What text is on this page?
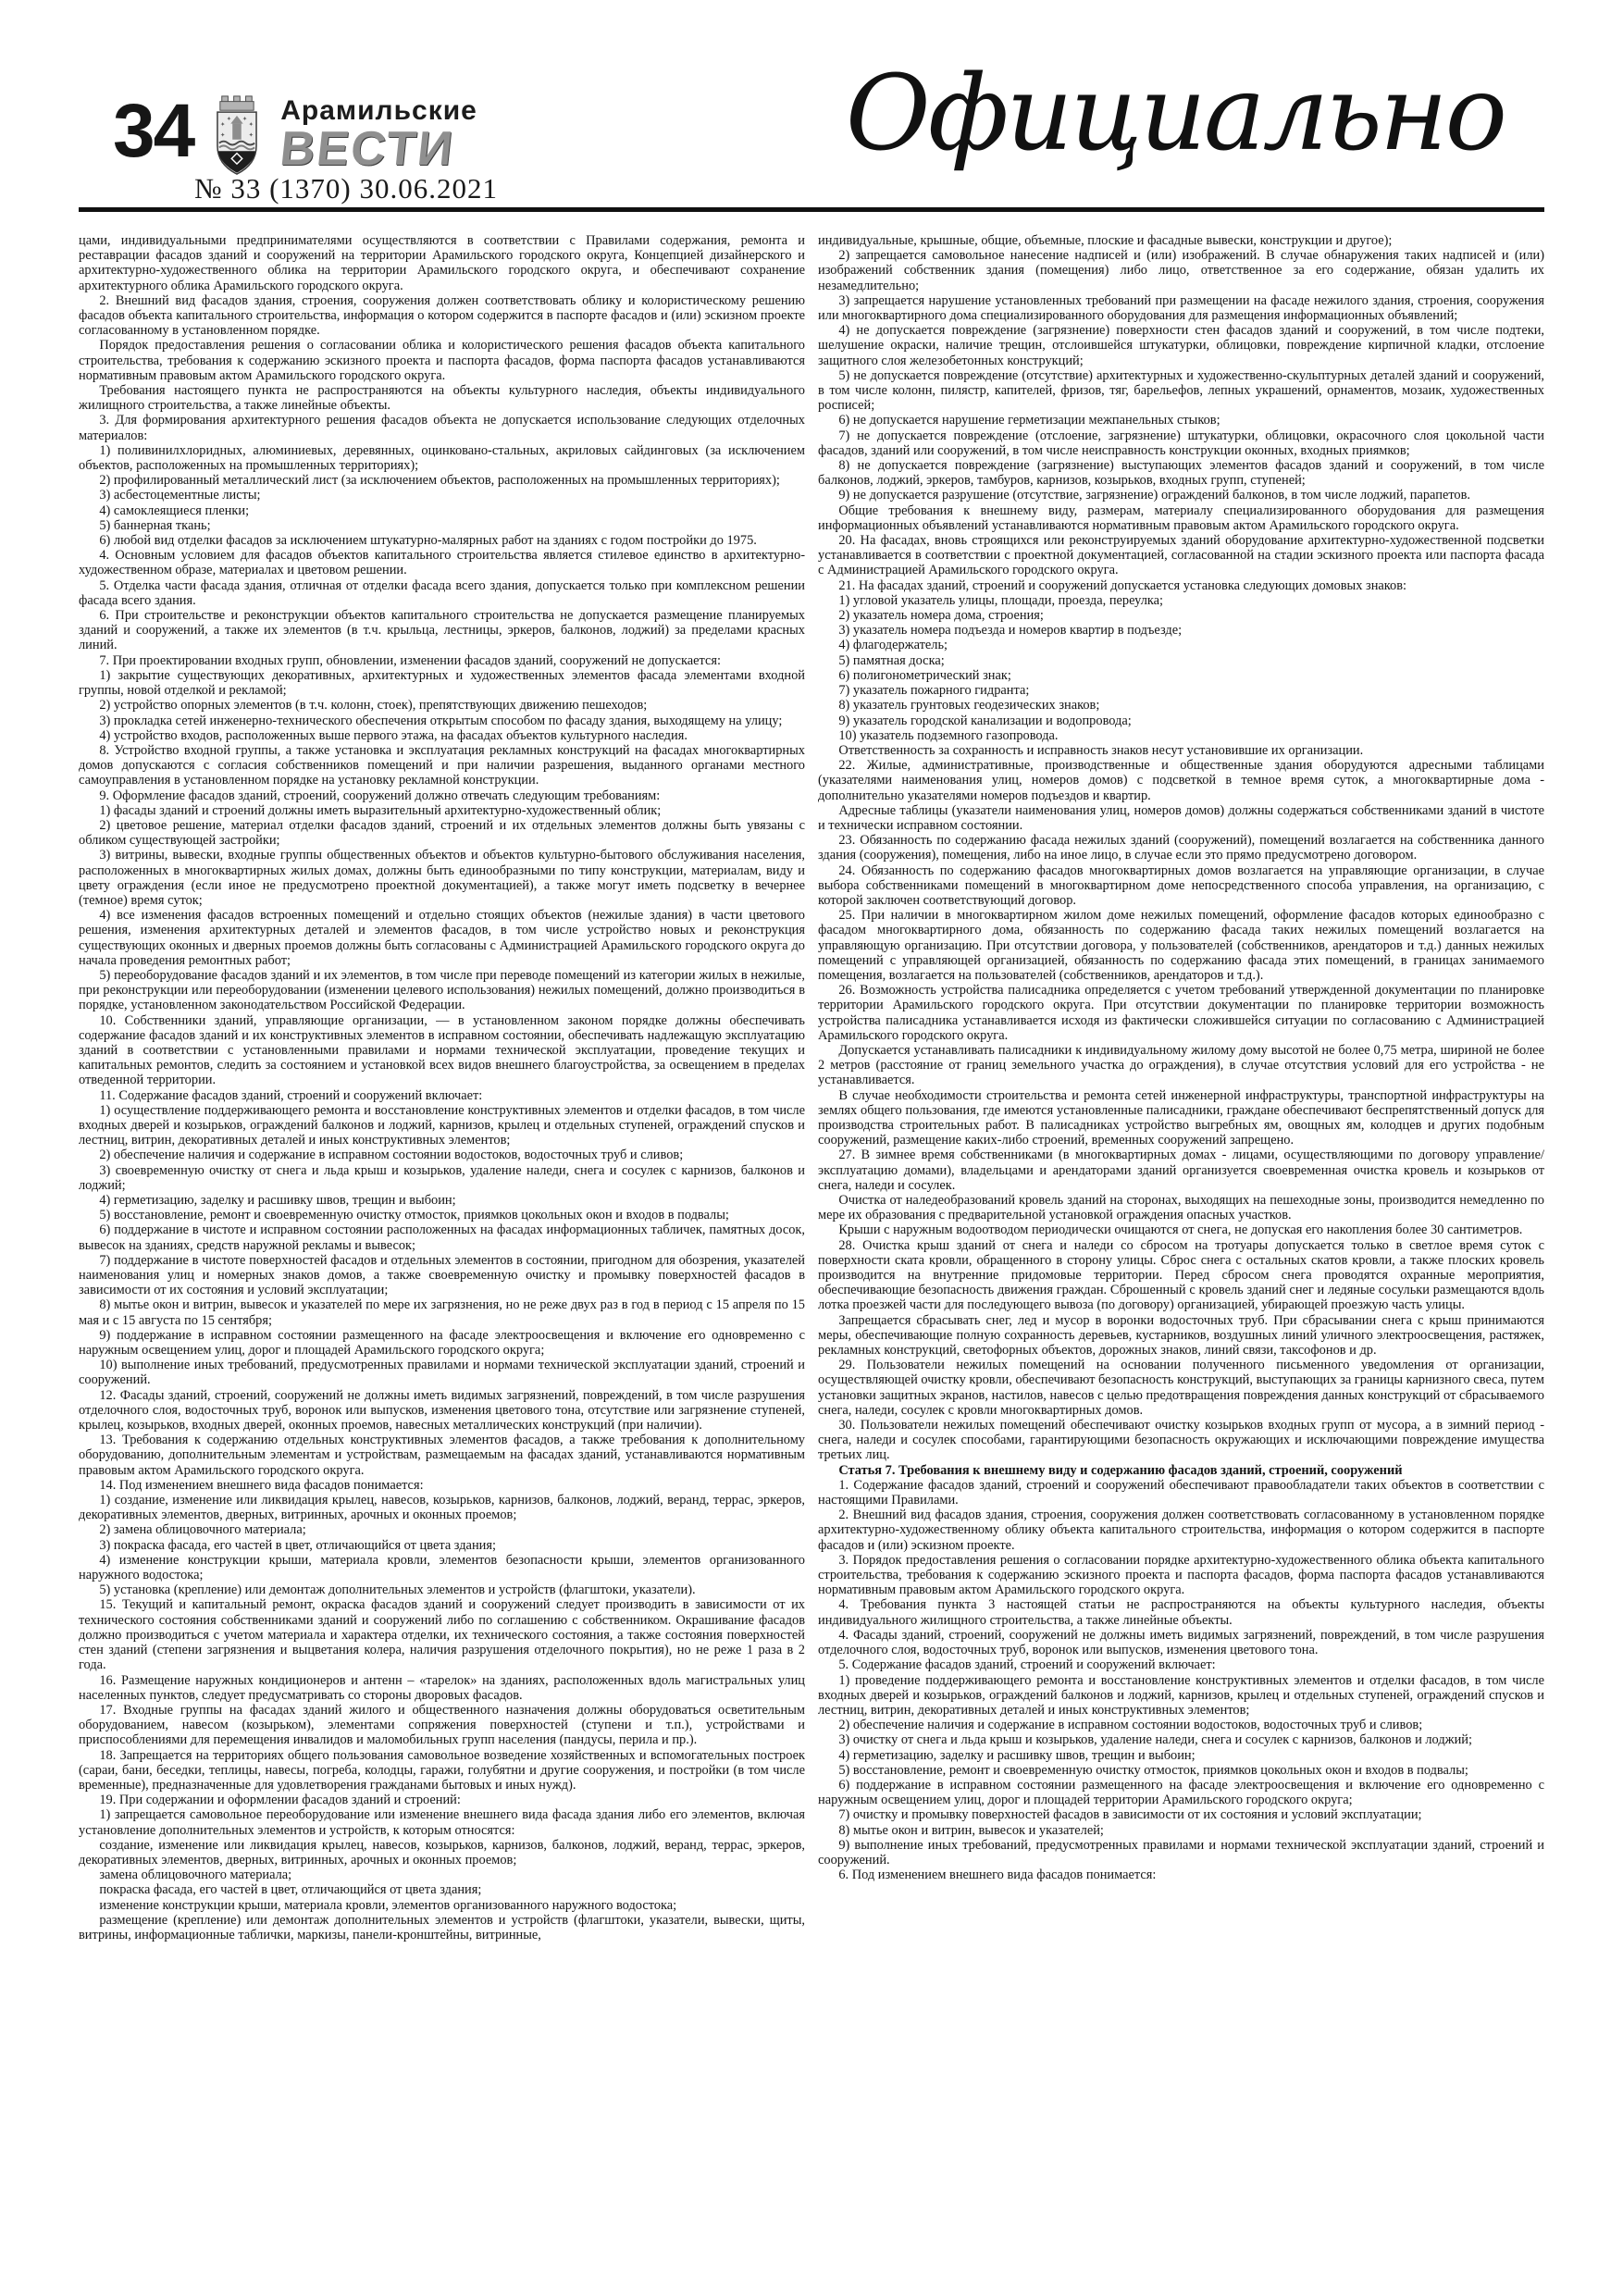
34	✦
✦ ✦
✦
✦	✦
Арамильские
ВЕСТИ
№ 33 (1370) 30.06.2021
Официально

цами, индивидуальными предпринимателями осуществляются в соответствии с Правилами содержания, ремонта и реставрации фасадов зданий и сооружений на территории Арамильского городского округа, Концепцией дизайнерского и архитектурно-художественного облика на территории Арамильского городского округа, и обеспечивают сохранение архитектурного облика Арамильского городского округа.

2. Внешний вид фасадов здания, строения, сооружения должен соответствовать облику и колористическому решению фасадов объекта капитального строительства, информация о котором содержится в паспорте фасадов и (или) эскизном проекте согласованному в установленном порядке.

Порядок предоставления решения о согласовании облика и колористического решения фасадов объекта капитального строительства, требования к содержанию эскизного проекта и паспорта фасадов, форма паспорта фасадов устанавливаются нормативным правовым актом Арамильского городского округа.

Требования настоящего пункта не распространяются на объекты культурного наследия, объекты индивидуального жилищного строительства, а также линейные объекты.

3. Для формирования архитектурного решения фасадов объекта не допускается использование следующих отделочных материалов:

1) поливинилхлоридных, алюминиевых, деревянных, оцинковано-стальных, акриловых сайдинговых (за исключением объектов, расположенных на промышленных территориях);

2) профилированный металлический лист (за исключением объектов, расположенных на промышленных территориях);

3) асбестоцементные листы;

4) самоклеящиеся пленки;

5) баннерная ткань;

6) любой вид отделки фасадов за исключением штукатурно-малярных работ на зданиях с годом постройки до 1975.

4. Основным условием для фасадов объектов капитального строительства является стилевое единство в архитектурно-художественном образе, материалах и цветовом решении.

5. Отделка части фасада здания, отличная от отделки фасада всего здания, допускается только при комплексном решении фасада всего здания.

6. При строительстве и реконструкции объектов капитального строительства не допускается размещение планируемых зданий и сооружений, а также их элементов (в т.ч. крыльца, лестницы, эркеров, балконов, лоджий) за пределами красных линий.

7. При проектировании входных групп, обновлении, изменении фасадов зданий, сооружений не допускается:

1) закрытие существующих декоративных, архитектурных и художественных элементов фасада элементами входной группы, новой отделкой и рекламой;

2) устройство опорных элементов (в т.ч. колонн, стоек), препятствующих движению пешеходов;

3) прокладка сетей инженерно-технического обеспечения открытым способом по фасаду здания, выходящему на улицу;

4) устройство входов, расположенных выше первого этажа, на фасадах объектов культурного наследия.

8. Устройство входной группы, а также установка и эксплуатация рекламных конструкций на фасадах многоквартирных домов допускаются с согласия собственников помещений и при наличии разрешения, выданного органами местного самоуправления в установленном порядке на установку рекламной конструкции.

9. Оформление фасадов зданий, строений, сооружений должно отвечать следующим требованиям:

1) фасады зданий и строений должны иметь выразительный архитектурно-художественный облик;

2) цветовое решение, материал отделки фасадов зданий, строений и их отдельных элементов должны быть увязаны с обликом существующей застройки;

3) витрины, вывески, входные группы общественных объектов и объектов культурно-бытового обслуживания населения, расположенных в многоквартирных жилых домах, должны быть единообразными по типу конструкции, материалам, виду и цвету ограждения (если иное не предусмотрено проектной документацией), а также могут иметь подсветку в вечернее (темное) время суток;

4) все изменения фасадов встроенных помещений и отдельно стоящих объектов (нежилые здания) в части цветового решения, изменения архитектурных деталей и элементов фасадов, в том числе устройство новых и реконструкция существующих оконных и дверных проемов должны быть согласованы с Администрацией Арамильского городского округа до начала проведения ремонтных работ;

5) переоборудование фасадов зданий и их элементов, в том числе при переводе помещений из категории жилых в нежилые, при реконструкции или переоборудовании (изменении целевого использования) нежилых помещений, должно производиться в порядке, установленном законодательством Российской Федерации.

10. Собственники зданий, управляющие организации, — в установленном законом порядке должны обеспечивать содержание фасадов зданий и их конструктивных элементов в исправном состоянии, обеспечивать надлежащую эксплуатацию зданий в соответствии с установленными правилами и нормами технической эксплуатации, проведение текущих и капитальных ремонтов, следить за состоянием и установкой всех видов внешнего благоустройства, за освещением в пределах отведенной территории.

11. Содержание фасадов зданий, строений и сооружений включает:

1) осуществление поддерживающего ремонта и восстановление конструктивных элементов и отделки фасадов, в том числе входных дверей и козырьков, ограждений балконов и лоджий, карнизов, крылец и отдельных ступеней, ограждений спусков и лестниц, витрин, декоративных деталей и иных конструктивных элементов;

2) обеспечение наличия и содержание в исправном состоянии водостоков, водосточных труб и сливов;

3) своевременную очистку от снега и льда крыш и козырьков, удаление наледи, снега и сосулек с карнизов, балконов и лоджий;

4) герметизацию, заделку и расшивку швов, трещин и выбоин;

5) восстановление, ремонт и своевременную очистку отмосток, приямков цокольных окон и входов в подвалы;

6) поддержание в чистоте и исправном состоянии расположенных на фасадах информационных табличек, памятных досок, вывесок на зданиях, средств наружной рекламы и вывесок;

7) поддержание в чистоте поверхностей фасадов и отдельных элементов в состоянии, пригодном для обозрения, указателей наименования улиц и номерных знаков домов, а также своевременную очистку и промывку поверхностей фасадов в зависимости от их состояния и условий эксплуатации;

8) мытье окон и витрин, вывесок и указателей по мере их загрязнения, но не реже двух раз в год в период с 15 апреля по 15 мая и с 15 августа по 15 сентября;

9) поддержание в исправном состоянии размещенного на фасаде электроосвещения и включение его одновременно с наружным освещением улиц, дорог и площадей Арамильского городского округа;

10) выполнение иных требований, предусмотренных правилами и нормами технической эксплуатации зданий, строений и сооружений.

12. Фасады зданий, строений, сооружений не должны иметь видимых загрязнений, повреждений, в том числе разрушения отделочного слоя, водосточных труб, воронок или выпусков, изменения цветового тона, отсутствие или загрязнение ступеней, крылец, козырьков, входных дверей, оконных проемов, навесных металлических конструкций (при наличии).

13. Требования к содержанию отдельных конструктивных элементов фасадов, а также требования к дополнительному оборудованию, дополнительным элементам и устройствам, размещаемым на фасадах зданий, устанавливаются нормативным правовым актом Арамильского городского округа.

14. Под изменением внешнего вида фасадов понимается:

1) создание, изменение или ликвидация крылец, навесов, козырьков, карнизов, балконов, лоджий, веранд, террас, эркеров, декоративных элементов, дверных, витринных, арочных и оконных проемов;

2) замена облицовочного материала;

3) покраска фасада, его частей в цвет, отличающийся от цвета здания;

4) изменение конструкции крыши, материала кровли, элементов безопасности крыши, элементов организованного наружного водостока;

5) установка (крепление) или демонтаж дополнительных элементов и устройств (флагштоки, указатели).

15. Текущий и капитальный ремонт, окраска фасадов зданий и сооружений следует производить в зависимости от их технического состояния собственниками зданий и сооружений либо по соглашению с собственником. Окрашивание фасадов должно производиться с учетом материала и характера отделки, их технического состояния, а также состояния поверхностей стен зданий (степени загрязнения и выцветания колера, наличия разрушения отделочного покрытия), но не реже 1 раза в 2 года.

16. Размещение наружных кондиционеров и антенн – «тарелок» на зданиях, расположенных вдоль магистральных улиц населенных пунктов, следует предусматривать со стороны дворовых фасадов.

17. Входные группы на фасадах зданий жилого и общественного назначения должны оборудоваться осветительным оборудованием, навесом (козырьком), элементами сопряжения поверхностей (ступени и т.п.), устройствами и приспособлениями для перемещения инвалидов и маломобильных групп населения (пандусы, перила и пр.).

18. Запрещается на территориях общего пользования самовольное возведение хозяйственных и вспомогательных построек (сараи, бани, беседки, теплицы, навесы, погреба, колодцы, гаражи, голубятни и другие сооружения, и постройки (в том числе временные), предназначенные для удовлетворения гражданами бытовых и иных нужд).

19. При содержании и оформлении фасадов зданий и строений:

1) запрещается самовольное переоборудование или изменение внешнего вида фасада здания либо его элементов, включая установление дополнительных элементов и устройств, к которым относятся:

создание, изменение или ликвидация крылец, навесов, козырьков, карнизов, балконов, лоджий, веранд, террас, эркеров, декоративных элементов, дверных, витринных, арочных и оконных проемов;

замена облицовочного материала;

покраска фасада, его частей в цвет, отличающийся от цвета здания;

изменение конструкции крыши, материала кровли, элементов организованного наружного водостока;

размещение (крепление) или демонтаж дополнительных элементов и устройств (флагштоки, указатели, вывески, щиты, витрины, информационные таблички, маркизы, панели-кронштейны, витринные,

индивидуальные, крышные, общие, объемные, плоские и фасадные вывески, конструкции и другое);

2) запрещается самовольное нанесение надписей и (или) изображений. В случае обнаружения таких надписей и (или) изображений собственник здания (помещения) либо лицо, ответственное за его содержание, обязан удалить их незамедлительно;

3) запрещается нарушение установленных требований при размещении на фасаде нежилого здания, строения, сооружения или многоквартирного дома специализированного оборудования для размещения информационных объявлений;

4) не допускается повреждение (загрязнение) поверхности стен фасадов зданий и сооружений, в том числе подтеки, шелушение окраски, наличие трещин, отслоившейся штукатурки, облицовки, повреждение кирпичной кладки, отслоение защитного слоя железобетонных конструкций;

5) не допускается повреждение (отсутствие) архитектурных и художественно-скульптурных деталей зданий и сооружений, в том числе колонн, пилястр, капителей, фризов, тяг, барельефов, лепных украшений, орнаментов, мозаик, художественных росписей;

6) не допускается нарушение герметизации межпанельных стыков;

7) не допускается повреждение (отслоение, загрязнение) штукатурки, облицовки, окрасочного слоя цокольной части фасадов, зданий или сооружений, в том числе неисправность конструкции оконных, входных приямков;

8) не допускается повреждение (загрязнение) выступающих элементов фасадов зданий и сооружений, в том числе балконов, лоджий, эркеров, тамбуров, карнизов, козырьков, входных групп, ступеней;

9) не допускается разрушение (отсутствие, загрязнение) ограждений балконов, в том числе лоджий, парапетов.

Общие требования к внешнему виду, размерам, материалу специализированного оборудования для размещения информационных объявлений устанавливаются нормативным правовым актом Арамильского городского округа.

20. На фасадах, вновь строящихся или реконструируемых зданий оборудование архитектурно-художественной подсветки устанавливается в соответствии с проектной документацией, согласованной на стадии эскизного проекта или паспорта фасада с Администрацией Арамильского городского округа.

21. На фасадах зданий, строений и сооружений допускается установка следующих домовых знаков:

1) угловой указатель улицы, площади, проезда, переулка;

2) указатель номера дома, строения;

3) указатель номера подъезда и номеров квартир в подъезде;

4) флагодержатель;

5) памятная доска;

6) полигонометрический знак;

7) указатель пожарного гидранта;

8) указатель грунтовых геодезических знаков;

9) указатель городской канализации и водопровода;

10) указатель подземного газопровода.

Ответственность за сохранность и исправность знаков несут установившие их организации.

22. Жилые, административные, производственные и общественные здания оборудуются адресными таблицами (указателями наименования улиц, номеров домов) с подсветкой в темное время суток, а многоквартирные дома - дополнительно указателями номеров подъездов и квартир.

Адресные таблицы (указатели наименования улиц, номеров домов) должны содержаться собственниками зданий в чистоте и технически исправном состоянии.

23. Обязанность по содержанию фасада нежилых зданий (сооружений), помещений возлагается на собственника данного здания (сооружения), помещения, либо на иное лицо, в случае если это прямо предусмотрено договором.

24. Обязанность по содержанию фасадов многоквартирных домов возлагается на управляющие организации, в случае выбора собственниками помещений в многоквартирном доме непосредственного способа управления, на организацию, с которой заключен соответствующий договор.

25. При наличии в многоквартирном жилом доме нежилых помещений, оформление фасадов которых единообразно с фасадом многоквартирного дома, обязанность по содержанию фасада таких нежилых помещений возлагается на управляющую организацию. При отсутствии договора, у пользователей (собственников, арендаторов и т.д.) данных нежилых помещений с управляющей организацией, обязанность по содержанию фасада этих помещений, в границах занимаемого помещения, возлагается на пользователей (собственников, арендаторов и т.д.).

26. Возможность устройства палисадника определяется с учетом требований утвержденной документации по планировке территории Арамильского городского округа. При отсутствии документации по планировке территории возможность устройства палисадника устанавливается исходя из фактически сложившейся ситуации по согласованию с Администрацией Арамильского городского округа.

Допускается устанавливать палисадники к индивидуальному жилому дому высотой не более 0,75 метра, шириной не более 2 метров (расстояние от границ земельного участка до ограждения), в случае отсутствия условий для его устройства - не устанавливается.

В случае необходимости строительства и ремонта сетей инженерной инфраструктуры, транспортной инфраструктуры на землях общего пользования, где имеются установленные палисадники, граждане обеспечивают беспрепятственный допуск для производства строительных работ. В палисадниках устройство выгребных ям, овощных ям, колодцев и других подобным сооружений, размещение каких-либо строений, временных сооружений запрещено.

27. В зимнее время собственниками (в многоквартирных домах - лицами, осуществляющими по договору управление/эксплуатацию домами), владельцами и арендаторами зданий организуется своевременная очистка кровель и козырьков от снега, наледи и сосулек.

Очистка от наледеобразований кровель зданий на сторонах, выходящих на пешеходные зоны, производится немедленно по мере их образования с предварительной установкой ограждения опасных участков.

Крыши с наружным водоотводом периодически очищаются от снега, не допуская его накопления более 30 сантиметров.

28. Очистка крыш зданий от снега и наледи со сбросом на тротуары допускается только в светлое время суток с поверхности ската кровли, обращенного в сторону улицы. Сброс снега с остальных скатов кровли, а также плоских кровель производится на внутренние придомовые территории. Перед сбросом снега проводятся охранные мероприятия, обеспечивающие безопасность движения граждан. Сброшенный с кровель зданий снег и ледяные сосульки размещаются вдоль лотка проезжей части для последующего вывоза (по договору) организацией, убирающей проезжую часть улицы.

Запрещается сбрасывать снег, лед и мусор в воронки водосточных труб. При сбрасывании снега с крыш принимаются меры, обеспечивающие полную сохранность деревьев, кустарников, воздушных линий уличного электроосвещения, растяжек, рекламных конструкций, светофорных объектов, дорожных знаков, линий связи, таксофонов и др.

29. Пользователи нежилых помещений на основании полученного письменного уведомления от организации, осуществляющей очистку кровли, обеспечивают безопасность конструкций, выступающих за границы карнизного свеса, путем установки защитных экранов, настилов, навесов с целью предотвращения повреждения данных конструкций от сбрасываемого снега, наледи, сосулек с кровли многоквартирных домов.

30. Пользователи нежилых помещений обеспечивают очистку козырьков входных групп от мусора, а в зимний период - снега, наледи и сосулек способами, гарантирующими безопасность окружающих и исключающими повреждение имущества третьих лиц.

Статья 7. Требования к внешнему виду и содержанию фасадов зданий, строений, сооружений

1. Содержание фасадов зданий, строений и сооружений обеспечивают правообладатели таких объектов в соответствии с настоящими Правилами.

2. Внешний вид фасадов здания, строения, сооружения должен соответствовать согласованному в установленном порядке архитектурно-художественному облику объекта капитального строительства, информация о котором содержится в паспорте фасадов и (или) эскизном проекте.

3. Порядок предоставления решения о согласовании порядке архитектурно-художественного облика объекта капитального строительства, требования к содержанию эскизного проекта и паспорта фасадов, форма паспорта фасадов устанавливаются нормативным правовым актом Арамильского городского округа.

4. Требования пункта 3 настоящей статьи не распространяются на объекты культурного наследия, объекты индивидуального жилищного строительства, а также линейные объекты.

4. Фасады зданий, строений, сооружений не должны иметь видимых загрязнений, повреждений, в том числе разрушения отделочного слоя, водосточных труб, воронок или выпусков, изменения цветового тона.

5. Содержание фасадов зданий, строений и сооружений включает:

1) проведение поддерживающего ремонта и восстановление конструктивных элементов и отделки фасадов, в том числе входных дверей и козырьков, ограждений балконов и лоджий, карнизов, крылец и отдельных ступеней, ограждений спусков и лестниц, витрин, декоративных деталей и иных конструктивных элементов;

2) обеспечение наличия и содержание в исправном состоянии водостоков, водосточных труб и сливов;

3) очистку от снега и льда крыш и козырьков, удаление наледи, снега и сосулек с карнизов, балконов и лоджий;

4) герметизацию, заделку и расшивку швов, трещин и выбоин;

5) восстановление, ремонт и своевременную очистку отмосток, приямков цокольных окон и входов в подвалы;

6) поддержание в исправном состоянии размещенного на фасаде электроосвещения и включение его одновременно с наружным освещением улиц, дорог и площадей территории Арамильского городского округа;

7) очистку и промывку поверхностей фасадов в зависимости от их состояния и условий эксплуатации;

8) мытье окон и витрин, вывесок и указателей;

9) выполнение иных требований, предусмотренных правилами и нормами технической эксплуатации зданий, строений и сооружений.

6. Под изменением внешнего вида фасадов понимается:
